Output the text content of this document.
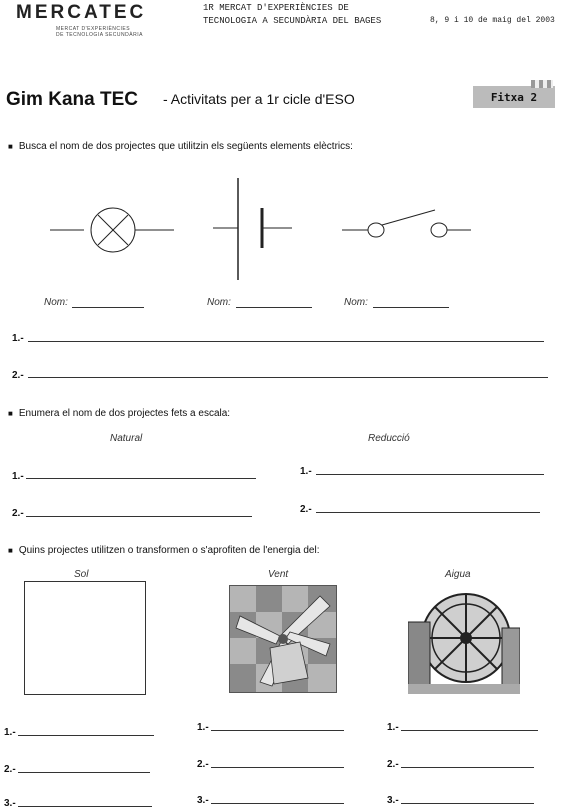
MERCATEC
MERCAT D'EXPERIÈNCIES
DE TECNOLOGIA SECUNDÀRIA
1R MERCAT D'EXPERIÈNCIES DE
TECNOLOGIA A SECUNDÀRIA DEL BAGES	8, 9 i 10 de maig del 2003
Gim Kana TEC - Activitats per a 1r cicle d'ESO	Fitxa 2
■ Busca el nom de dos projectes que utilitzin els següents elements elèctrics:
Nom:	Nom:	Nom:
1.-
2.-
■ Enumera el nom de dos projectes fets a escala:
Natural	Reducció
1.-	1.-
2.-	2.-
■ Quins projectes utilitzen o transformen o s'aprofiten de l'energia del:
Sol	Vent	Aigua
1.-	1.-	1.-
2.-	2.-	2.-
3.-	3.-	3.-
